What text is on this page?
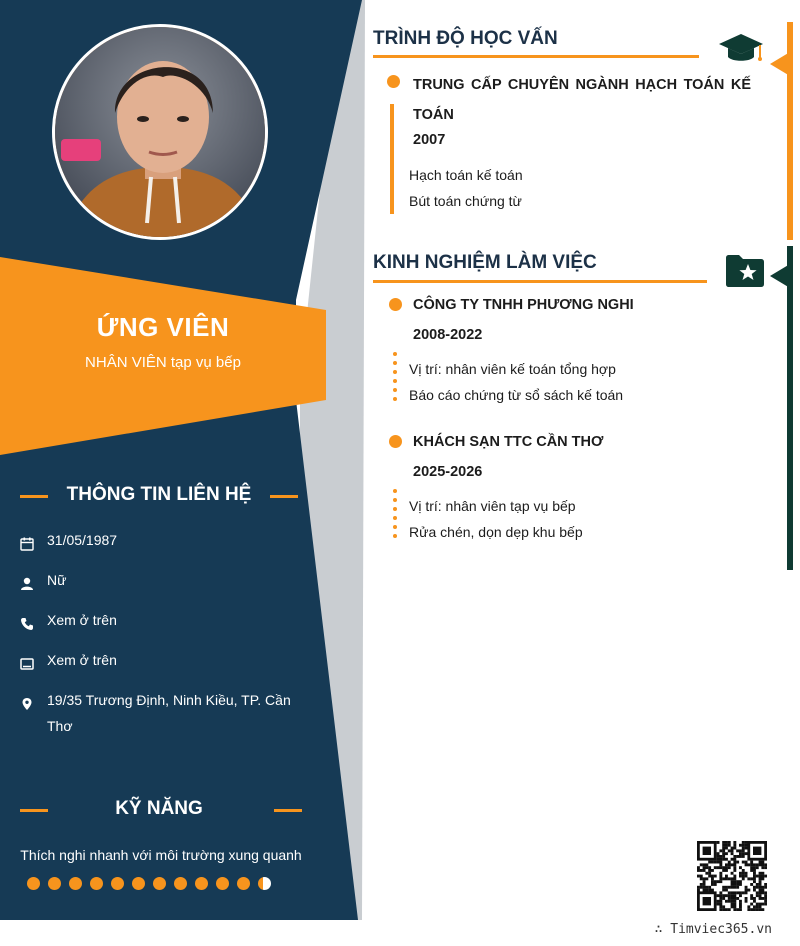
ỨNG VIÊN
NHÂN VIÊN tạp vụ bếp
THÔNG TIN LIÊN HỆ
31/05/1987
Nữ
Xem ở trên
Xem ở trên
19/35 Trương Định, Ninh Kiều, TP. Cần Thơ
KỸ NĂNG
Thích nghi nhanh với môi trường xung quanh
TRÌNH ĐỘ HỌC VẤN
TRUNG CẤP CHUYÊN NGÀNH HẠCH TOÁN KẾ TOÁN
2007
Hạch toán kế toán
Bút toán chứng từ
KINH NGHIỆM LÀM VIỆC
CÔNG TY TNHH PHƯƠNG NGHI
2008-2022
Vị trí: nhân viên kế toán tổng hợp
Báo cáo chứng từ sổ sách kế toán
KHÁCH SẠN TTC CẦN THƠ
2025-2026
Vị trí: nhân viên tạp vụ bếp
Rửa chén, dọn dẹp khu bếp
∴ Timviec365.vn
